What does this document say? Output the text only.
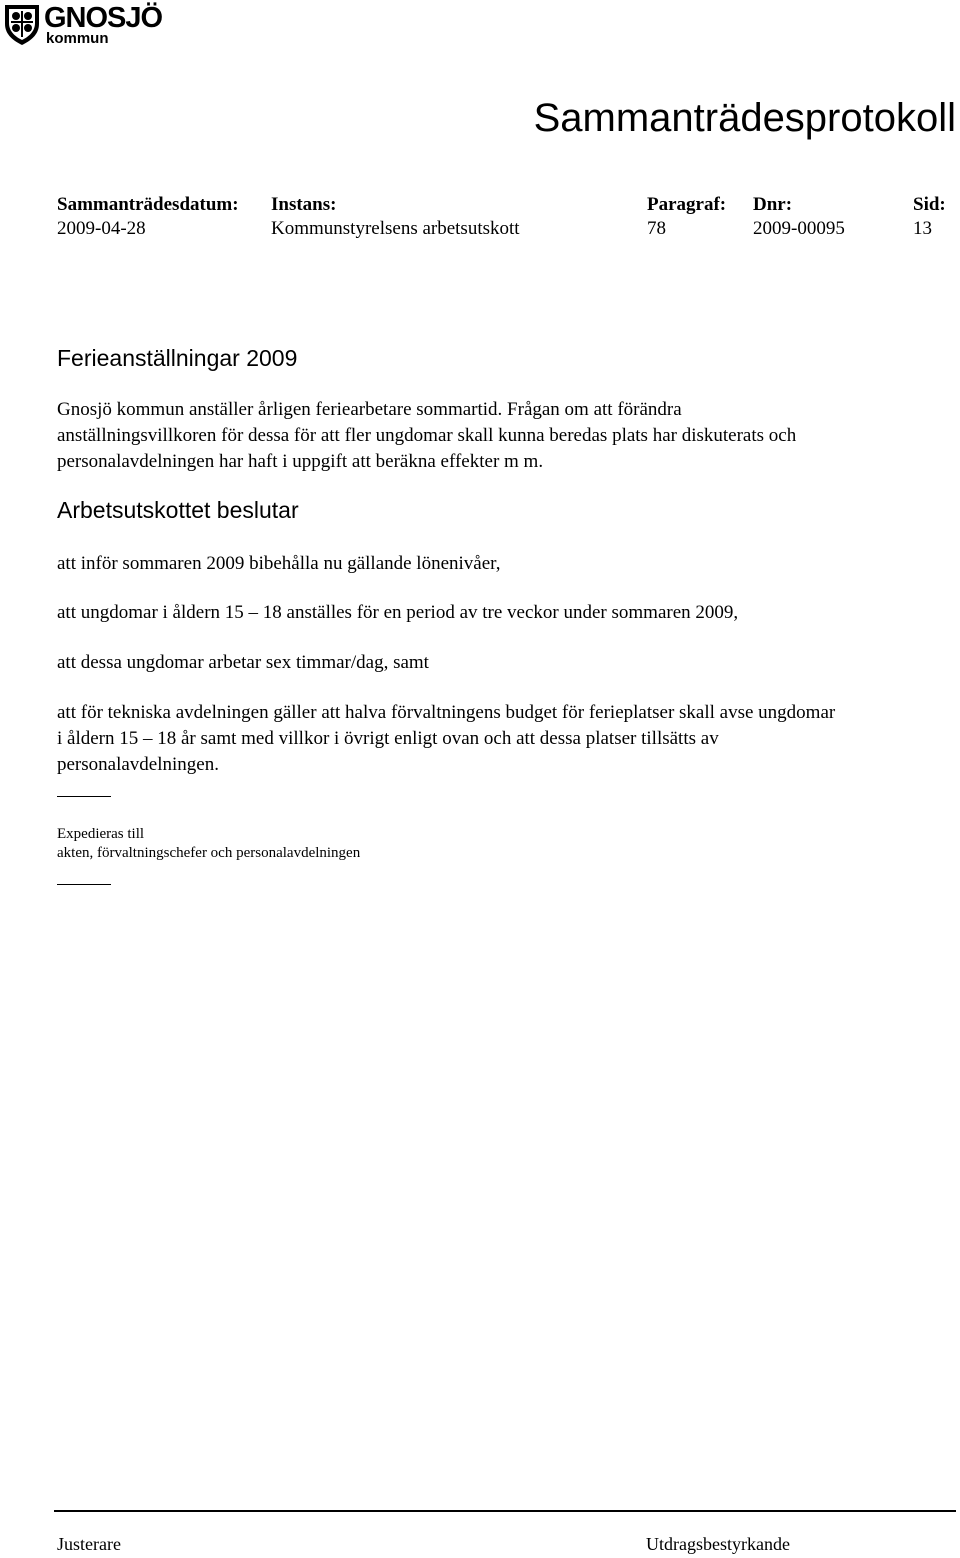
GNOSJÖ
kommun
Sammanträdesprotokoll
Sammanträdesdatum:
2009-04-28
Instans:
Kommunstyrelsens arbetsutskott
Paragraf:
78
Dnr:
2009-00095
Sid:
13
Ferieanställningar 2009

Gnosjö kommun anställer årligen feriearbetare sommartid. Frågan om att förändra
anställningsvillkoren för dessa för att fler ungdomar skall kunna beredas plats har diskuterats och
personalavdelningen har haft i uppgift att beräkna effekter m m.

Arbetsutskottet beslutar

att inför sommaren 2009 bibehålla nu gällande lönenivåer,

att ungdomar i åldern 15 – 18 anställes för en period av tre veckor under sommaren 2009,

att dessa ungdomar arbetar sex timmar/dag, samt

att för tekniska avdelningen gäller att halva förvaltningens budget för ferieplatser skall avse ungdomar
i åldern 15 – 18 år samt med villkor i övrigt enligt ovan och att dessa platser tillsätts av
personalavdelningen.

Expedieras till
akten, förvaltningschefer och personalavdelningen
Justerare	Utdragsbestyrkande
